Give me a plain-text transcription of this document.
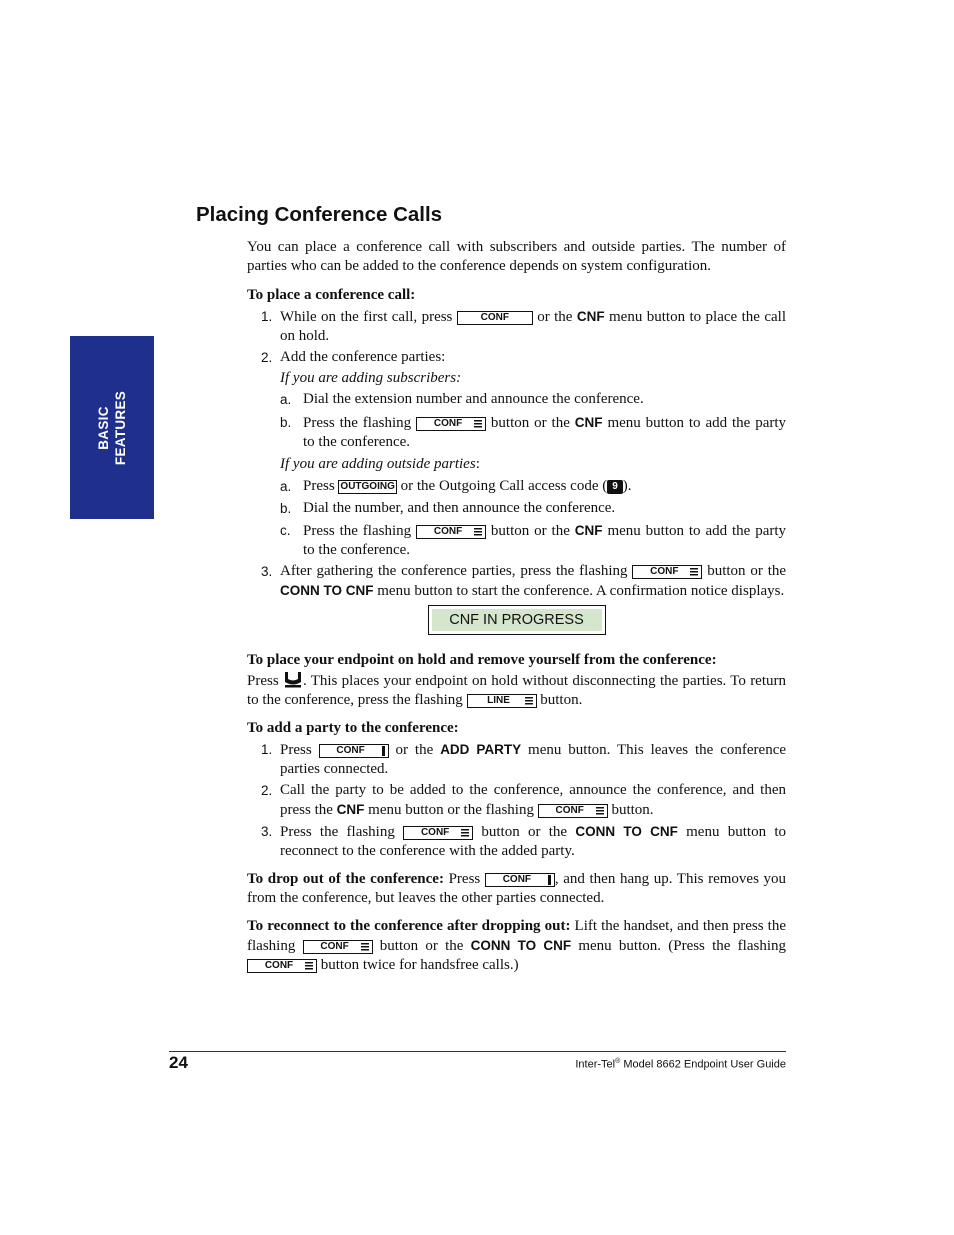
BASIC FEATURES
Placing Conference Calls

You can place a conference call with subscribers and outside parties. The number of parties who can be added to the conference depends on system configuration.

To place a conference call:

1. While on the first call, press	CONF or the CNF menu button to place the call on hold.

2. Add the conference parties:

If you are adding subscribers:

a. Dial the extension number and announce the conference.

b. Press the flashing CONF button or the CNF menu button to add the party to the conference.

If you are adding outside parties:

a. Press OUTGOING or the Outgoing Call access code ( 9 ).

b. Dial the number, and then announce the conference.

c. Press the flashing CONF button or the CNF menu button to add the party to the conference.

3. After gathering the conference parties, press the flashing CONF button or the CONN TO CNF menu button to start the conference. A confirmation notice displays.

CNF IN PROGRESS

To place your endpoint on hold and remove yourself from the conference:

Press . This places your endpoint on hold without disconnecting the parties. To return to the conference, press the flashing LINE button.

To add a party to the conference:

1. Press CONF or the ADD PARTY menu button. This leaves the conference parties connected.

2. Call the party to be added to the conference, announce the conference, and then press the CNF menu button or the flashing CONF button.

3. Press the flashing	CONF button or the CONN TO CNF menu button to reconnect to the conference with the added party.

To drop out of the conference: Press CONF , and then hang up. This removes you from the conference, but leaves the other parties connected.

To reconnect to the conference after dropping out: Lift the handset, and then press the flashing	CONF button or the CONN TO CNF menu button. (Press the flashing CONF button twice for handsfree calls.)

24	Inter-Tel® Model 8662 Endpoint User Guide
